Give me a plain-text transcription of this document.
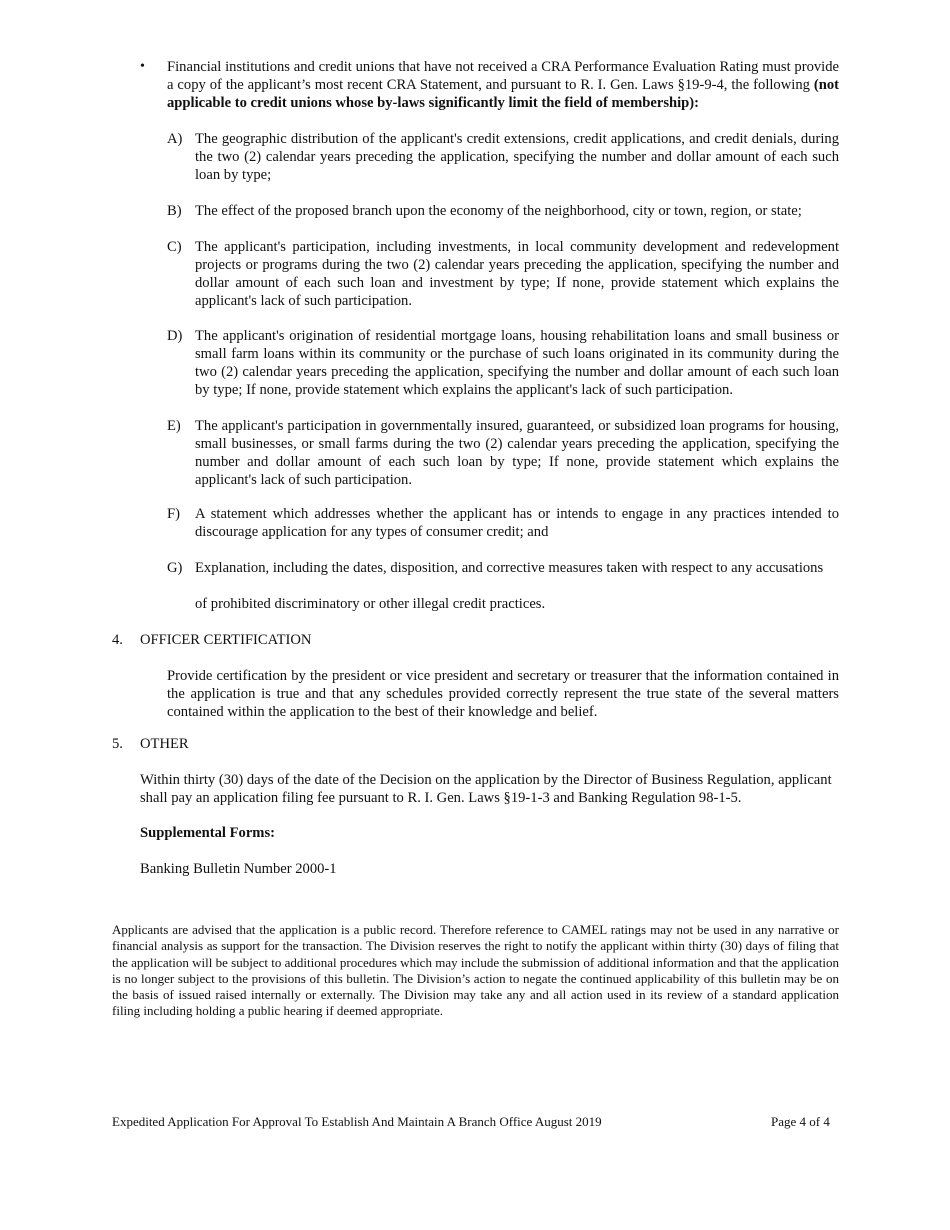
• Financial institutions and credit unions that have not received a CRA Performance Evaluation Rating must provide a copy of the applicant’s most recent CRA Statement, and pursuant to R. I. Gen. Laws §19-9-4, the following (not applicable to credit unions whose by-laws significantly limit the field of membership):

A) The geographic distribution of the applicant's credit extensions, credit applications, and credit denials, during the two (2) calendar years preceding the application, specifying the number and dollar amount of each such loan by type;

B) The effect of the proposed branch upon the economy of the neighborhood, city or town, region, or state;

C) The applicant's participation, including investments, in local community development and redevelopment projects or programs during the two (2) calendar years preceding the application, specifying the number and dollar amount of each such loan and investment by type; If none, provide statement which explains the applicant's lack of such participation.

D) The applicant's origination of residential mortgage loans, housing rehabilitation loans and small business or small farm loans within its community or the purchase of such loans originated in its community during the two (2) calendar years preceding the application, specifying the number and dollar amount of each such loan by type; If none, provide statement which explains the applicant's lack of such participation.

E) The applicant's participation in governmentally insured, guaranteed, or subsidized loan programs for housing, small businesses, or small farms during the two (2) calendar years preceding the application, specifying the number and dollar amount of each such loan by type; If none, provide statement which explains the applicant's lack of such participation.

F) A statement which addresses whether the applicant has or intends to engage in any practices intended to discourage application for any types of consumer credit; and

G) Explanation, including the dates, disposition, and corrective measures taken with respect to any accusations

of prohibited discriminatory or other illegal credit practices.

4. OFFICER CERTIFICATION

Provide certification by the president or vice president and secretary or treasurer that the information contained in the application is true and that any schedules provided correctly represent the true state of the several matters contained within the application to the best of their knowledge and belief.

5. OTHER

Within thirty (30) days of the date of the Decision on the application by the Director of Business Regulation, applicant shall pay an application filing fee pursuant to R. I. Gen. Laws §19-1-3 and Banking Regulation 98-1-5.

Supplemental Forms:
Banking Bulletin Number 2000-1

Applicants are advised that the application is a public record. Therefore reference to CAMEL ratings may not be used in any narrative or financial analysis as support for the transaction. The Division reserves the right to notify the applicant within thirty (30) days of filing that the application will be subject to additional procedures which may include the submission of additional information and that the application is no longer subject to the provisions of this bulletin. The Division’s action to negate the continued applicability of this bulletin may be on the basis of issued raised internally or externally. The Division may take any and all action used in its review of a standard application filing including holding a public hearing if deemed appropriate.

Expedited Application For Approval To Establish And Maintain A Branch Office August 2019	Page 4 of 4
